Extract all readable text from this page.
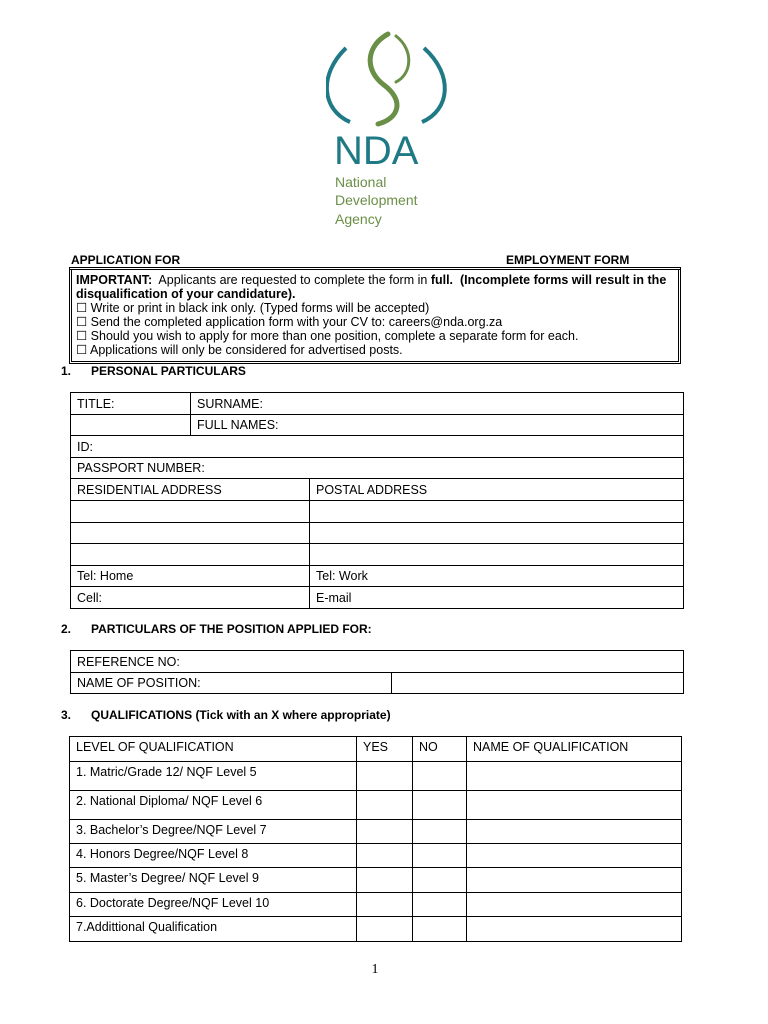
NDA
National
Development
Agency
APPLICATION FOR	EMPLOYMENT FORM
IMPORTANT: Applicants are requested to complete the form in full. (Incomplete forms will result in the disqualification of your candidature).
☐ Write or print in black ink only. (Typed forms will be accepted)
☐ Send the completed application form with your CV to: careers@nda.org.za
☐ Should you wish to apply for more than one position, complete a separate form for each.
☐ Applications will only be considered for advertised posts.
1. PERSONAL PARTICULARS
TITLE:	SURNAME:	
	FULL NAMES:	
ID:		
PASSPORT NUMBER:		
RESIDENTIAL ADDRESS		POSTAL ADDRESS

Tel: Home		Tel: Work
Cell:		E-mail
2. PARTICULARS OF THE POSITION APPLIED FOR:
REFERENCE NO:
NAME OF POSITION:	
3. QUALIFICATIONS (Tick with an X where appropriate)
LEVEL OF QUALIFICATION	YES	NO	NAME OF QUALIFICATION
1. Matric/Grade 12/ NQF Level 5			
2. National Diploma/ NQF Level 6			
3. Bachelor’s Degree/NQF Level 7			
4. Honors Degree/NQF Level 8			
5. Master’s Degree/ NQF Level 9			
6. Doctorate Degree/NQF Level 10			
7.Addittional Qualification			
1
